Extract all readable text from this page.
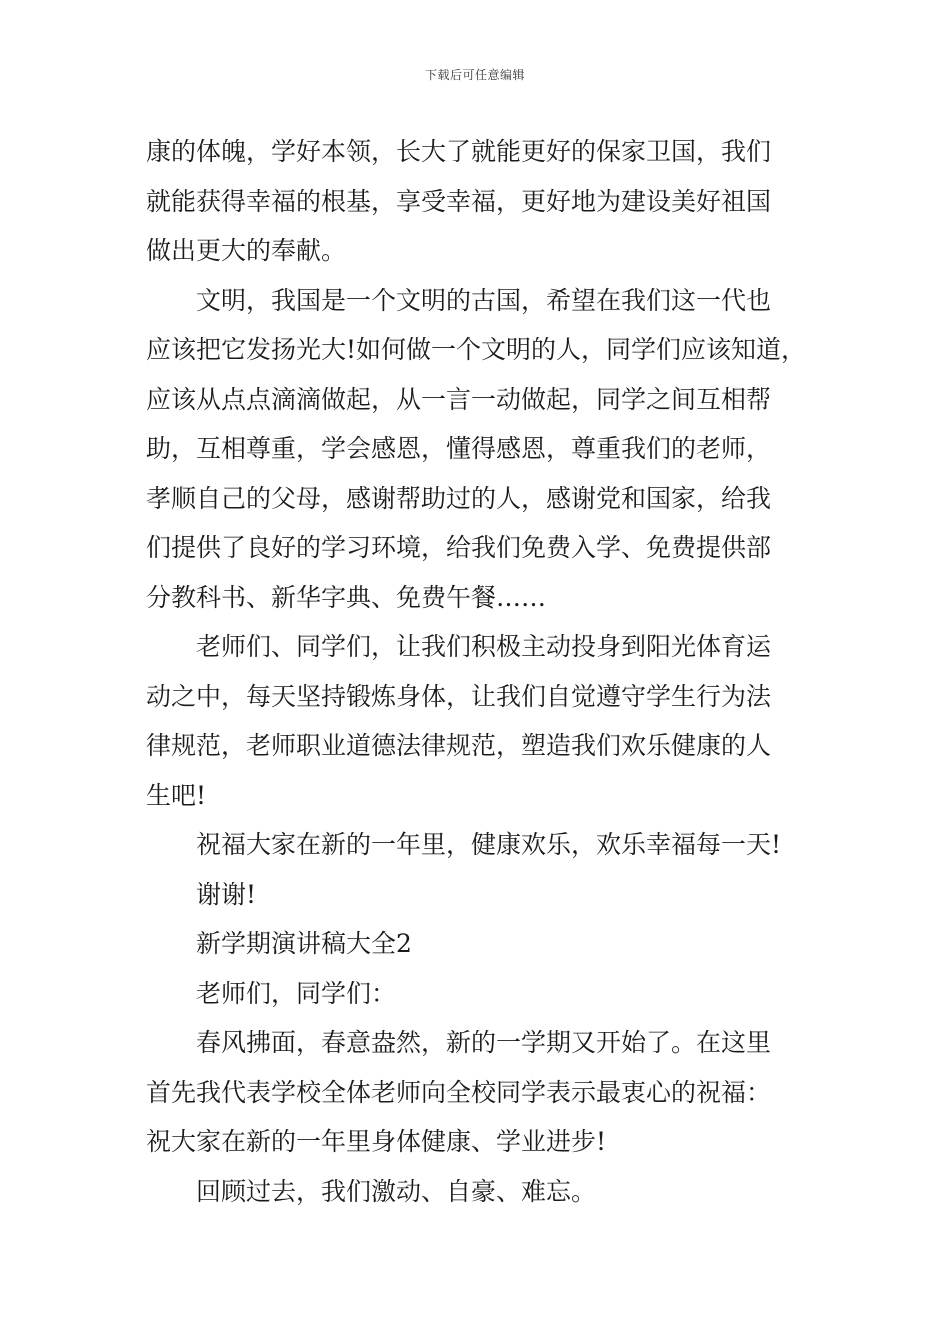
下载后可任意编辑
康的体魄，学好本领，长大了就能更好的保家卫国，我们
就能获得幸福的根基，享受幸福，更好地为建设美好祖国
做出更大的奉献。
文明，我国是一个文明的古国，希望在我们这一代也
应该把它发扬光大!如何做一个文明的人，同学们应该知道，
应该从点点滴滴做起，从一言一动做起，同学之间互相帮
助，互相尊重，学会感恩，懂得感恩，尊重我们的老师，
孝顺自己的父母，感谢帮助过的人，感谢党和国家，给我
们提供了良好的学习环境，给我们免费入学、免费提供部
分教科书、新华字典、免费午餐……
老师们、同学们，让我们积极主动投身到阳光体育运
动之中，每天坚持锻炼身体，让我们自觉遵守学生行为法
律规范，老师职业道德法律规范，塑造我们欢乐健康的人
生吧!
祝福大家在新的一年里，健康欢乐，欢乐幸福每一天!
谢谢!
新学期演讲稿大全2
老师们，同学们：
春风拂面，春意盎然，新的一学期又开始了。在这里
首先我代表学校全体老师向全校同学表示最衷心的祝福：
祝大家在新的一年里身体健康、学业进步!
回顾过去，我们激动、自豪、难忘。
